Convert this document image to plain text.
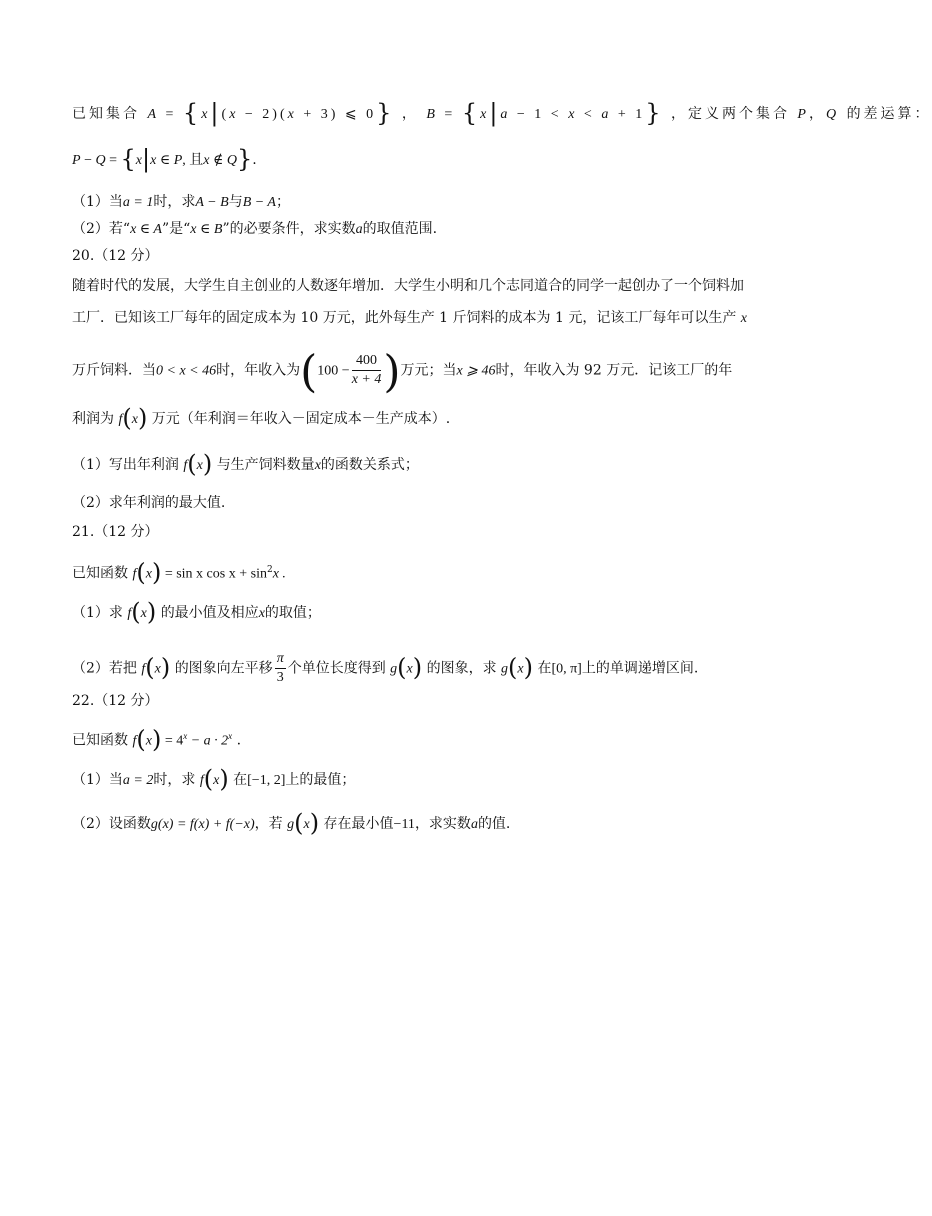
已知集合 A = {x|(x − 2)(x + 3) ⩽ 0} ， B = {x|a − 1 < x < a + 1} ，定义两个集合 P，Q 的差运算：
P − Q = {x|x ∈ P, 且x ∉ Q}.
（1）当a = 1时，求A − B与B − A；
（2）若“x ∈ A”是“x ∈ B”的必要条件，求实数a的取值范围.
20.（12 分）
随着时代的发展，大学生自主创业的人数逐年增加．大学生小明和几个志同道合的同学一起创办了一个饲料加
工厂．已知该工厂每年的固定成本为 10 万元，此外每生产 1 斤饲料的成本为 1 元，记该工厂每年可以生产 x
万斤饲料．当0 < x < 46时，年收入为($100 - \frac{400}{x + 4}$ )万元；当x ⩾ 46时，年收入为 92 万元．记该工厂的年
利润为 f(x) 万元（年利润＝年收入－固定成本－生产成本）.
（1）写出年利润 f(x) 与生产饲料数量x的函数关系式；
（2）求年利润的最大值.
21.（12 分）
已知函数 f(x) = sin x $\cos x + \sin^2x$ .
（1）求 f(x) 的最小值及相应x的取值；
（2）若把 f(x) 的图象向左平移 $\frac{\pi}{3}$ 个单位长度得到 g(x) 的图象，求 g(x) 在[0, π]上的单调递增区间.
22.（12 分）
已知函数 $f(x) = 4^x - a \cdot 2^x$ .
（1）当a = 2时，求 f(x) 在[−1, 2]上的最值；
（2）设函数g(x) = f(x) + f(−x)，若 g(x) 存在最小值−11，求实数a的值.
